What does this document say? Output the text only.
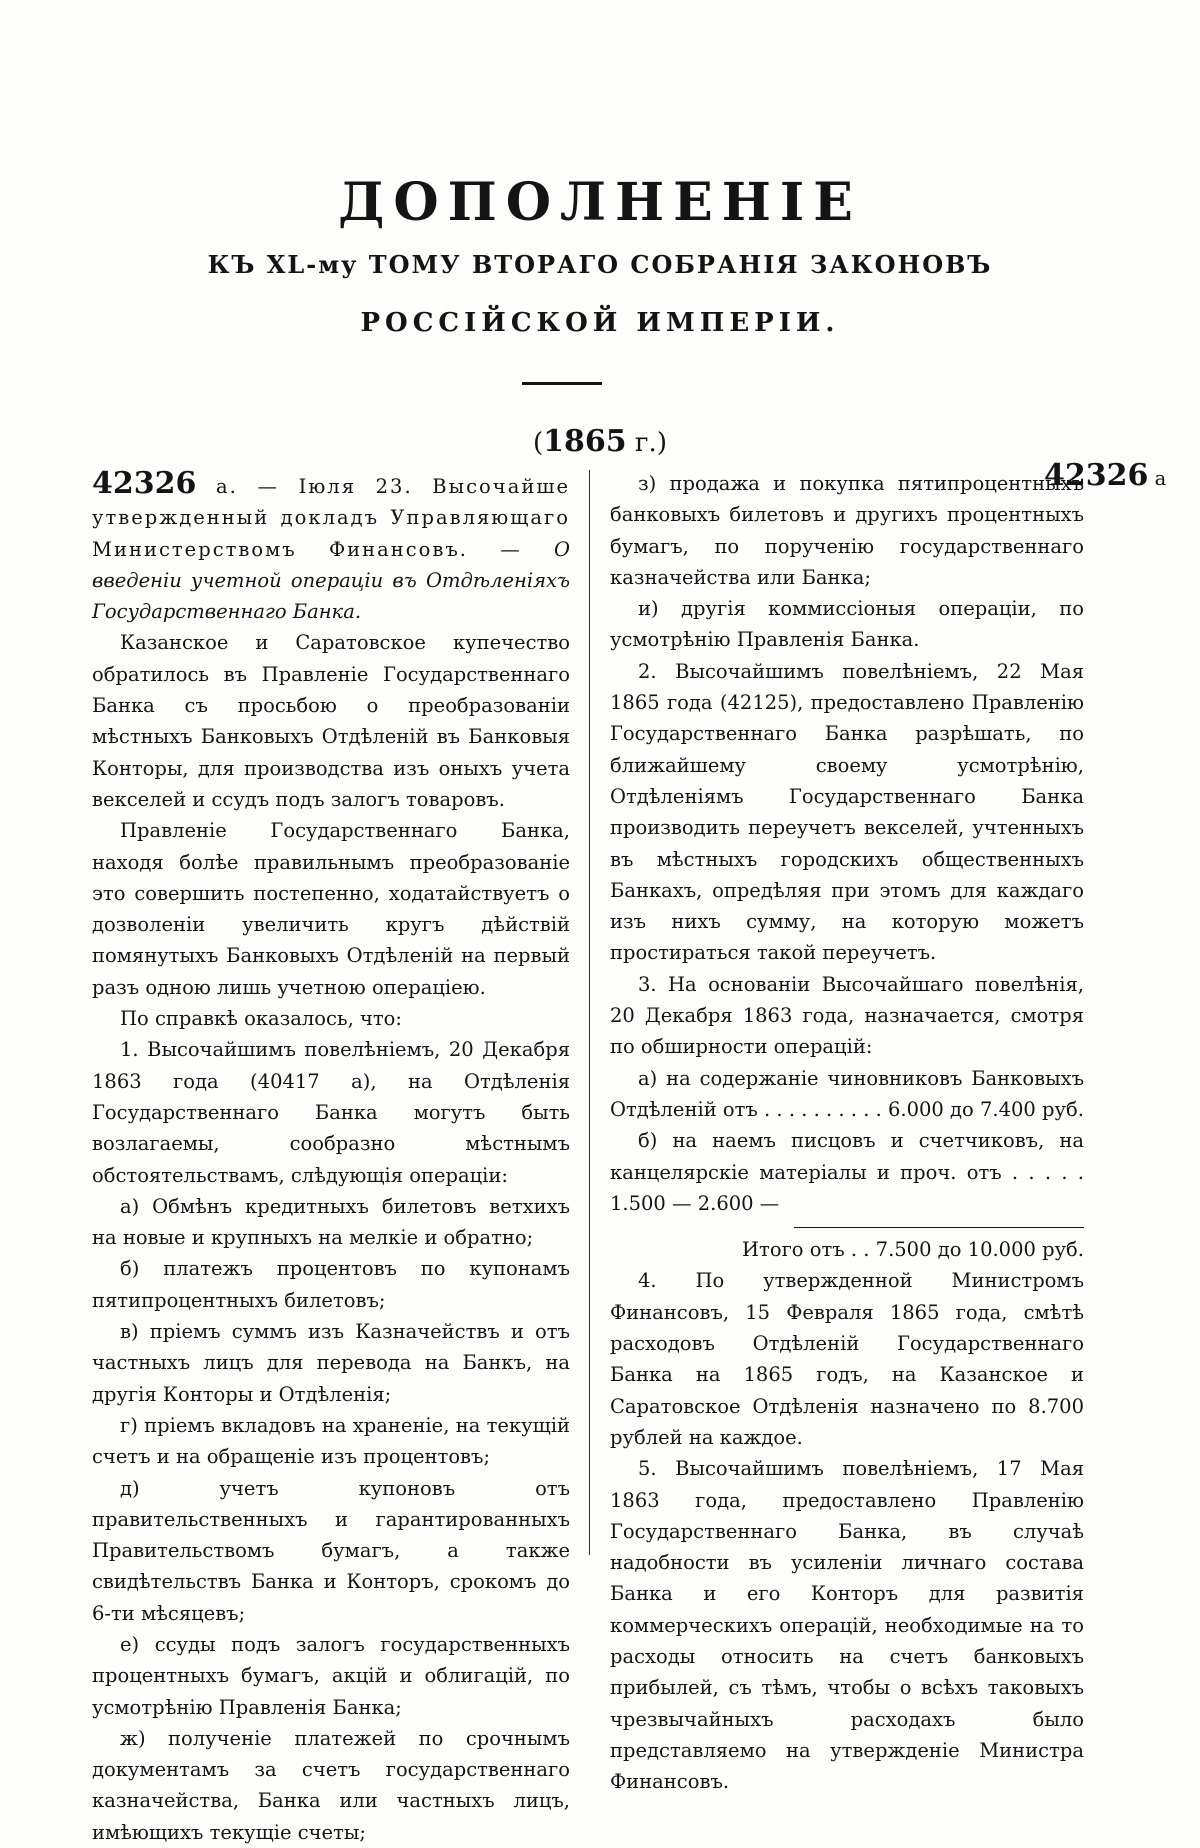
ДОПОЛНЕНІЕ
КЪ XL-му ТОМУ ВТОРАГО СОБРАНІЯ ЗАКОНОВЪ
РОССІЙСКОЙ ИМПЕРІИ.
(1865 г.)
42326 а

42326 а. — Іюля 23. Высочайше утвержденный докладъ Управляющаго Министерствомъ Финансовъ. — О введеніи учетной операціи въ Отдѣленіяхъ Государственнаго Банка.

Казанское и Саратовское купечество обратилось въ Правленіе Государственнаго Банка съ просьбою о преобразованіи мѣстныхъ Банковыхъ Отдѣленій въ Банковыя Конторы, для производства изъ оныхъ учета векселей и ссудъ подъ залогъ товаровъ.

Правленіе Государственнаго Банка, находя болѣе правильнымъ преобразованіе это совершить постепенно, ходатайствуетъ о дозволеніи увеличить кругъ дѣйствій помянутыхъ Банковыхъ Отдѣленій на первый разъ одною лишь учетною операціею.

По справкѣ оказалось, что:

1. Высочайшимъ повелѣніемъ, 20 Декабря 1863 года (40417 а), на Отдѣленія Государственнаго Банка могутъ быть возлагаемы, сообразно мѣстнымъ обстоятельствамъ, слѣдующія операціи:

а) Обмѣнъ кредитныхъ билетовъ ветхихъ на новые и крупныхъ на мелкіе и обратно;

б) платежъ процентовъ по купонамъ пятипроцентныхъ билетовъ;

в) пріемъ суммъ изъ Казначействъ и отъ частныхъ лицъ для перевода на Банкъ, на другія Конторы и Отдѣленія;

г) пріемъ вкладовъ на храненіе, на текущій счетъ и на обращеніе изъ процентовъ;

д) учетъ купоновъ отъ правительственныхъ и гарантированныхъ Правительствомъ бумагъ, а также свидѣтельствъ Банка и Конторъ, срокомъ до 6-ти мѣсяцевъ;

е) ссуды подъ залогъ государственныхъ процентныхъ бумагъ, акцій и облигацій, по усмотрѣнію Правленія Банка;

ж) полученіе платежей по срочнымъ документамъ за счетъ государственнаго казначейства, Банка или частныхъ лицъ, имѣющихъ текущіе счеты;

з) продажа и покупка пятипроцентныхъ банковыхъ билетовъ и другихъ процентныхъ бумагъ, по порученію государственнаго казначейства или Банка;

и) другія коммиссіоныя операціи, по усмотрѣнію Правленія Банка.

2. Высочайшимъ повелѣніемъ, 22 Мая 1865 года (42125), предоставлено Правленію Государственнаго Банка разрѣшать, по ближайшему своему усмотрѣнію, Отдѣленіямъ Государственнаго Банка производить переучетъ векселей, учтенныхъ въ мѣстныхъ городскихъ общественныхъ Банкахъ, опредѣляя при этомъ для каждаго изъ нихъ сумму, на которую можетъ простираться такой переучетъ.

3. На основаніи Высочайшаго повелѣнія, 20 Декабря 1863 года, назначается, смотря по обширности операцій:

а) на содержаніе чиновниковъ Банковыхъ Отдѣленій отъ . . . . . . . . . . 6.000 до 7.400 руб.

б) на наемъ писцовъ и счетчиковъ, на канцелярскіе матеріалы и проч. отъ . . . . . 1.500 — 2.600 —

Итого отъ . . 7.500 до 10.000 руб.

4. По утвержденной Министромъ Финансовъ, 15 Февраля 1865 года, смѣтѣ расходовъ Отдѣленій Государственнаго Банка на 1865 годъ, на Казанское и Саратовское Отдѣленія назначено по 8.700 рублей на каждое.

5. Высочайшимъ повелѣніемъ, 17 Мая 1863 года, предоставлено Правленію Государственнаго Банка, въ случаѣ надобности въ усиленіи личнаго состава Банка и его Конторъ для развитія коммерческихъ операцій, необходимые на то расходы относить на счетъ банковыхъ прибылей, съ тѣмъ, чтобы о всѣхъ таковыхъ чрезвычайныхъ расходахъ было представляемо на утвержденіе Министра Финансовъ.
